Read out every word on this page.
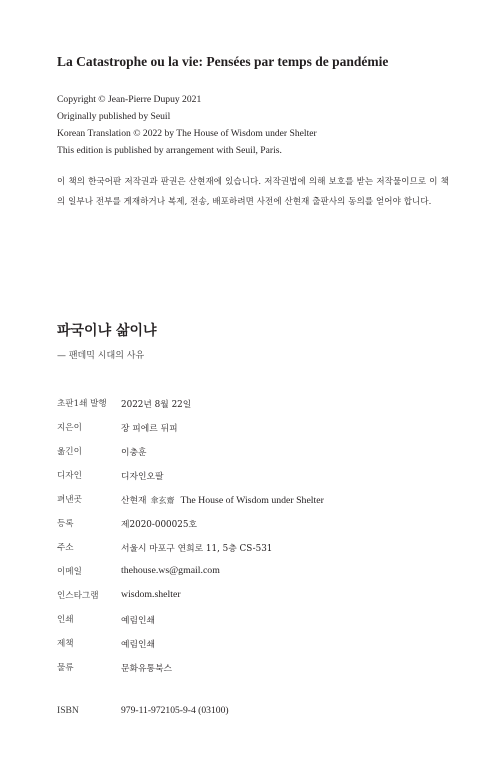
La Catastrophe ou la vie: Pensées par temps de pandémie
Copyright © Jean-Pierre Dupuy 2021
Originally published by Seuil
Korean Translation © 2022 by The House of Wisdom under Shelter
This edition is published by arrangement with Seuil, Paris.
이 책의 한국어판 저작권과 판권은 산현재에 있습니다. 저작권법에 의해 보호를 받는 저작물이므로 이 책의 일부나 전부를 게재하거나 복제, 전송, 배포하려면 사전에 산현재 출판사의 동의를 얻어야 합니다.
파국이냐 삶이냐
— 팬데믹 시대의 사유
초판1쇄 발행 2022년 8월 22일
지은이	장 피에르 뒤피
옮긴이	이충훈
디자인	디자인오팔
펴낸곳	산현재 傘玄齋 The House of Wisdom under Shelter
등록	제2020-000025호
주소	서울시 마포구 연희로 11, 5층 CS-531
이메일	thehouse.ws@gmail.com
인스타그램 wisdom.shelter
인쇄	예림인쇄
제책	예림인쇄
물류	문화유통북스
ISBN	979-11-972105-9-4 (03100)
